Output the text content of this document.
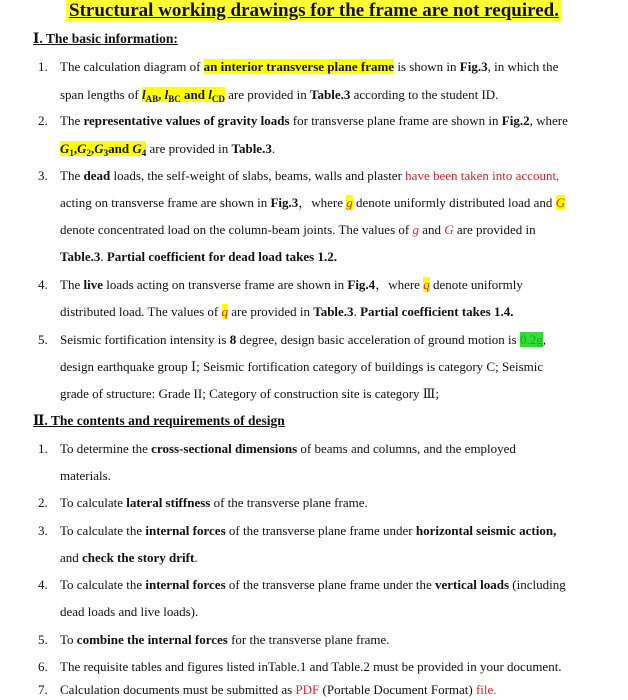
Structural working drawings for the frame are not required.
Ⅰ. The basic information:
1. The calculation diagram of an interior transverse plane frame is shown in Fig.3, in which the
span lengths of $l_{AB}$, $l_{BC}$ and $l_{CD}$ are provided in Table.3 according to the student ID.
2. The representative values of gravity loads for transverse plane frame are shown in Fig.2, where
$G_1,G_2,G_3and$ $G_4$ are provided in Table.3.
3. The dead loads, the self-weight of slabs, beams, walls and plaster have been taken into account,
acting on transverse frame are shown in Fig.3，where g denote uniformly distributed load and G
denote concentrated load on the column-beam joints. The values of g and G are provided in
Table.3. Partial coefficient for dead load takes 1.2.
4. The live loads acting on transverse frame are shown in Fig.4，where q denote uniformly
distributed load. The values of q are provided in Table.3. Partial coefficient takes 1.4.
5. Seismic fortification intensity is 8 degree, design basic acceleration of ground motion is 0.2g,
design earthquake group Ⅰ; Seismic fortification category of buildings is category C; Seismic
grade of structure: Grade II; Category of construction site is category Ⅲ;
Ⅱ. The contents and requirements of design
1. To determine the cross-sectional dimensions of beams and columns, and the employed
materials.
2. To calculate lateral stiffness of the transverse plane frame.
3. To calculate the internal forces of the transverse plane frame under horizontal seismic action,
and check the story drift.
4. To calculate the internal forces of the transverse plane frame under the vertical loads (including
dead loads and live loads).
5. To combine the internal forces for the transverse plane frame.
6. The requisite tables and figures listed inTable.1 and Table.2 must be provided in your document.
7. Calculation documents must be submitted as PDF (Portable Document Format) file.
